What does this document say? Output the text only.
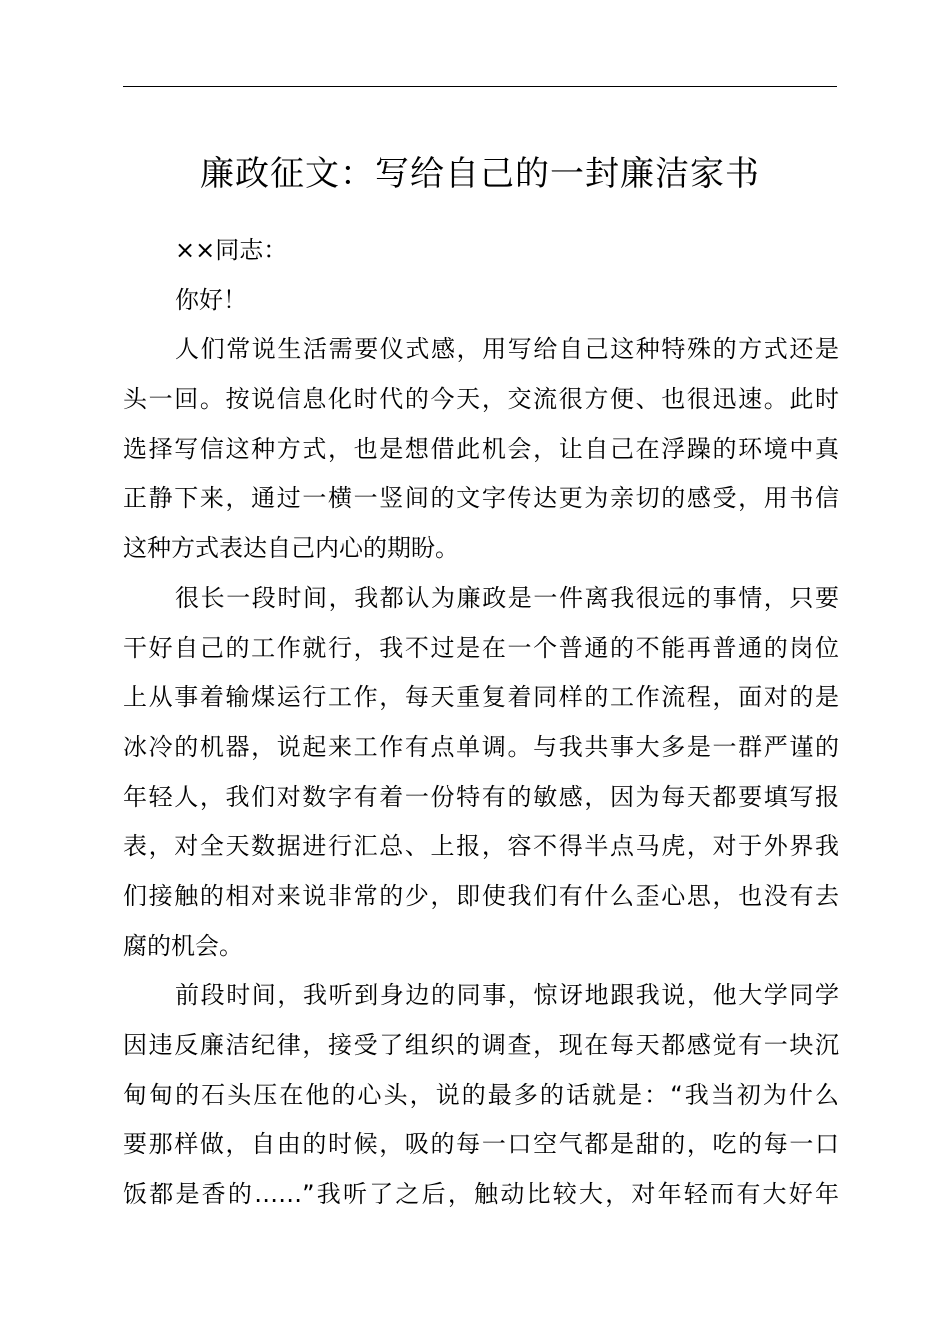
廉政征文：写给自己的一封廉洁家书
××同志：
你好！
人们常说生活需要仪式感，用写给自己这种特殊的方式还是
头一回。按说信息化时代的今天，交流很方便、也很迅速。此时
选择写信这种方式，也是想借此机会，让自己在浮躁的环境中真
正静下来，通过一横一竖间的文字传达更为亲切的感受，用书信
这种方式表达自己内心的期盼。
很长一段时间，我都认为廉政是一件离我很远的事情，只要
干好自己的工作就行，我不过是在一个普通的不能再普通的岗位
上从事着输煤运行工作，每天重复着同样的工作流程，面对的是
冰冷的机器，说起来工作有点单调。与我共事大多是一群严谨的
年轻人，我们对数字有着一份特有的敏感，因为每天都要填写报
表，对全天数据进行汇总、上报，容不得半点马虎，对于外界我
们接触的相对来说非常的少，即使我们有什么歪心思，也没有去
腐的机会。
前段时间，我听到身边的同事，惊讶地跟我说，他大学同学
因违反廉洁纪律，接受了组织的调查，现在每天都感觉有一块沉
甸甸的石头压在他的心头，说的最多的话就是：“我当初为什么
要那样做，自由的时候，吸的每一口空气都是甜的，吃的每一口
饭都是香的……”我听了之后，触动比较大，对年轻而有大好年
